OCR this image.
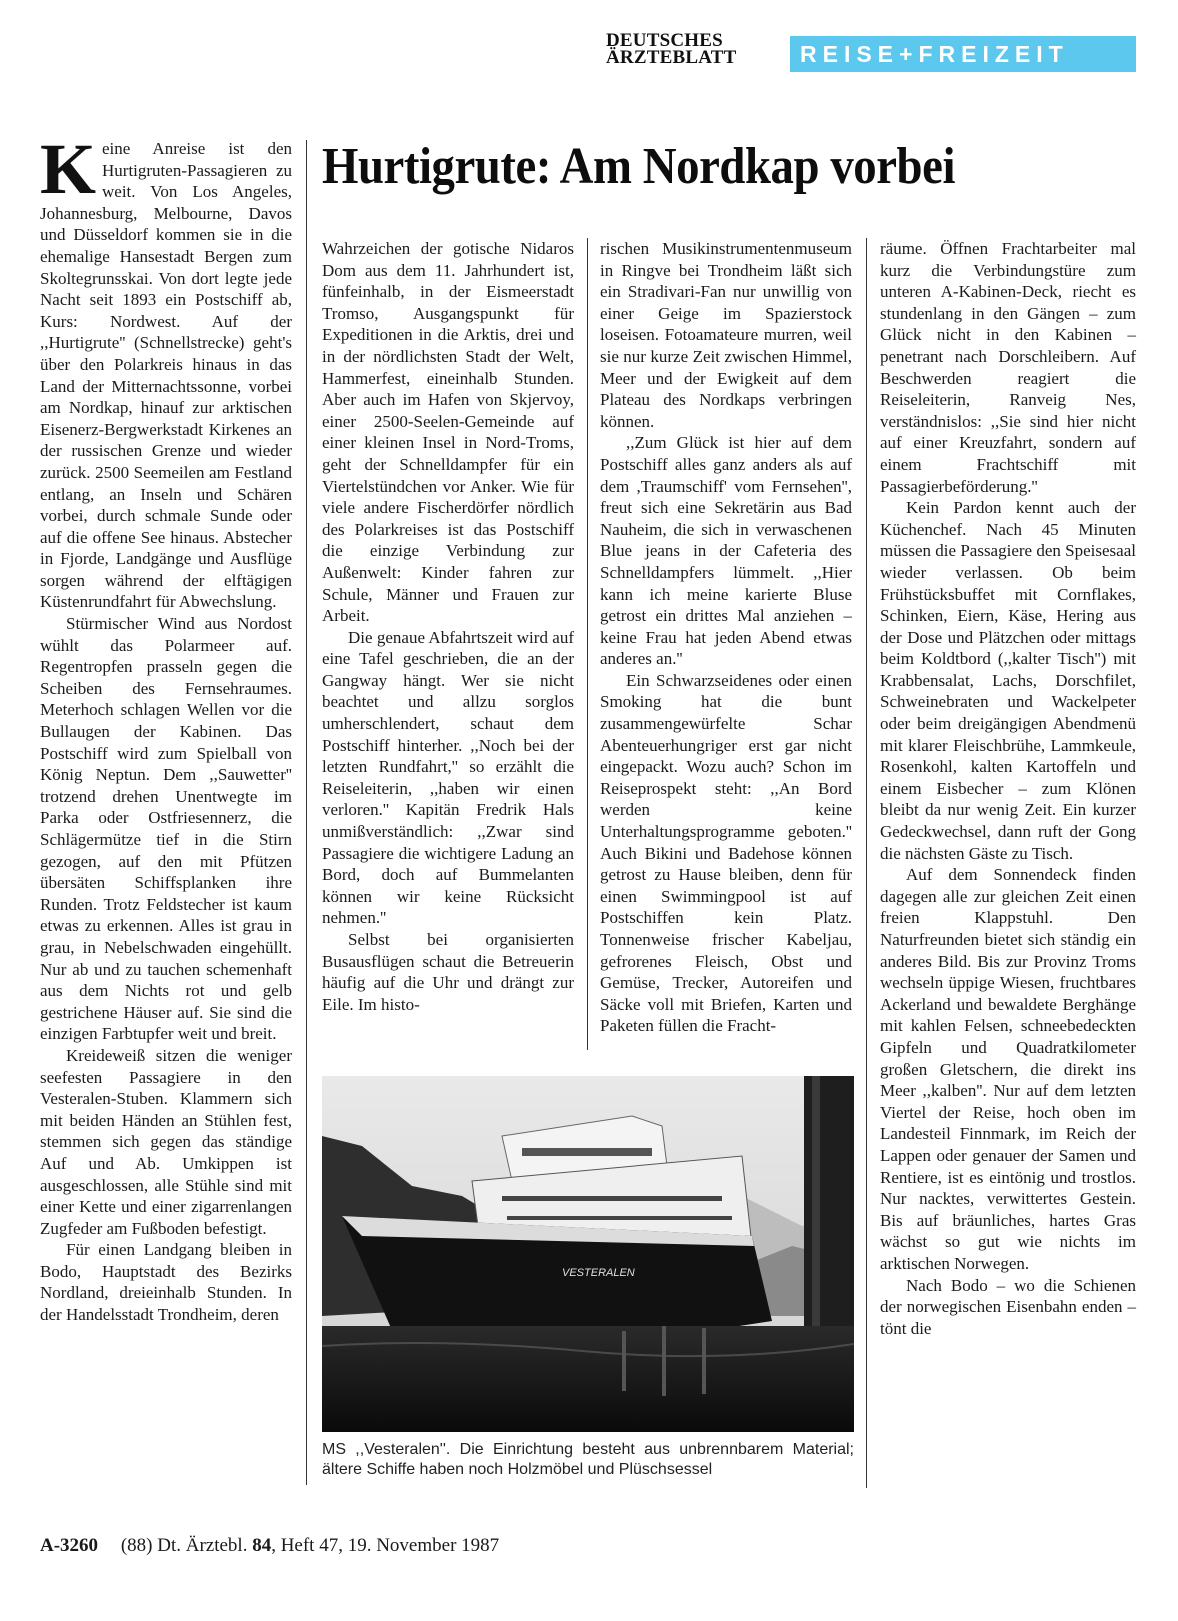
DEUTSCHES
ÄRZTEBLATT	REISE+FREIZEIT
Hurtigrute: Am Nordkap vorbei

Keine Anreise ist den Hurtigruten-Passagieren zu weit. Von Los Angeles, Johannesburg, Melbourne, Davos und Düsseldorf kommen sie in die ehemalige Hansestadt Bergen zum Skoltegrunsskai. Von dort legte jede Nacht seit 1893 ein Postschiff ab, Kurs: Nordwest. Auf der ,,Hurtigrute'' (Schnellstrecke) geht's über den Polarkreis hinaus in das Land der Mitternachtssonne, vorbei am Nordkap, hinauf zur arktischen Eisenerz-Bergwerkstadt Kirkenes an der russischen Grenze und wieder zurück. 2500 Seemeilen am Festland entlang, an Inseln und Schären vorbei, durch schmale Sunde oder auf die offene See hinaus. Abstecher in Fjorde, Landgänge und Ausflüge sorgen während der elftägigen Küstenrundfahrt für Abwechslung.

Stürmischer Wind aus Nordost wühlt das Polarmeer auf. Regentropfen prasseln gegen die Scheiben des Fernsehraumes. Meterhoch schlagen Wellen vor die Bullaugen der Kabinen. Das Postschiff wird zum Spielball von König Neptun. Dem ,,Sauwetter'' trotzend drehen Unentwegte im Parka oder Ostfriesennerz, die Schlägermütze tief in die Stirn gezogen, auf den mit Pfützen übersäten Schiffsplanken ihre Runden. Trotz Feldstecher ist kaum etwas zu erkennen. Alles ist grau in grau, in Nebelschwaden eingehüllt. Nur ab und zu tauchen schemenhaft aus dem Nichts rot und gelb gestrichene Häuser auf. Sie sind die einzigen Farbtupfer weit und breit.

Kreideweiß sitzen die weniger seefesten Passagiere in den Vesteralen-Stuben. Klammern sich mit beiden Händen an Stühlen fest, stemmen sich gegen das ständige Auf und Ab. Umkippen ist ausgeschlossen, alle Stühle sind mit einer Kette und einer zigarrenlangen Zugfeder am Fußboden befestigt.

Für einen Landgang bleiben in Bodo, Hauptstadt des Bezirks Nordland, dreieinhalb Stunden. In der Handelsstadt Trondheim, deren

Wahrzeichen der gotische Nidaros Dom aus dem 11. Jahrhundert ist, fünfeinhalb, in der Eismeerstadt Tromso, Ausgangspunkt für Expeditionen in die Arktis, drei und in der nördlichsten Stadt der Welt, Hammerfest, eineinhalb Stunden. Aber auch im Hafen von Skjervoy, einer 2500-Seelen-Gemeinde auf einer kleinen Insel in Nord-Troms, geht der Schnelldampfer für ein Viertelstündchen vor Anker. Wie für viele andere Fischerdörfer nördlich des Polarkreises ist das Postschiff die einzige Verbindung zur Außenwelt: Kinder fahren zur Schule, Männer und Frauen zur Arbeit.

Die genaue Abfahrtszeit wird auf eine Tafel geschrieben, die an der Gangway hängt. Wer sie nicht beachtet und allzu sorglos umherschlendert, schaut dem Postschiff hinterher. ,,Noch bei der letzten Rundfahrt,'' so erzählt die Reiseleiterin, ,,haben wir einen verloren.'' Kapitän Fredrik Hals unmißverständlich: ,,Zwar sind Passagiere die wichtigere Ladung an Bord, doch auf Bummelanten können wir keine Rücksicht nehmen.''

Selbst bei organisierten Busausflügen schaut die Betreuerin häufig auf die Uhr und drängt zur Eile. Im histo-

rischen Musikinstrumentenmuseum in Ringve bei Trondheim läßt sich ein Stradivari-Fan nur unwillig von einer Geige im Spazierstock loseisen. Fotoamateure murren, weil sie nur kurze Zeit zwischen Himmel, Meer und der Ewigkeit auf dem Plateau des Nordkaps verbringen können.

,,Zum Glück ist hier auf dem Postschiff alles ganz anders als auf dem ,Traumschiff' vom Fernsehen'', freut sich eine Sekretärin aus Bad Nauheim, die sich in verwaschenen Blue jeans in der Cafeteria des Schnelldampfers lümmelt. ,,Hier kann ich meine karierte Bluse getrost ein drittes Mal anziehen – keine Frau hat jeden Abend etwas anderes an.''

Ein Schwarzseidenes oder einen Smoking hat die bunt zusammengewürfelte Schar Abenteuerhungriger erst gar nicht eingepackt. Wozu auch? Schon im Reiseprospekt steht: ,,An Bord werden keine Unterhaltungsprogramme geboten.'' Auch Bikini und Badehose können getrost zu Hause bleiben, denn für einen Swimmingpool ist auf Postschiffen kein Platz. Tonnenweise frischer Kabeljau, gefrorenes Fleisch, Obst und Gemüse, Trecker, Autoreifen und Säcke voll mit Briefen, Karten und Paketen füllen die Fracht-

räume. Öffnen Frachtarbeiter mal kurz die Verbindungstüre zum unteren A-Kabinen-Deck, riecht es stundenlang in den Gängen – zum Glück nicht in den Kabinen – penetrant nach Dorschleibern. Auf Beschwerden reagiert die Reiseleiterin, Ranveig Nes, verständnislos: ,,Sie sind hier nicht auf einer Kreuzfahrt, sondern auf einem Frachtschiff mit Passagierbeförderung.''

Kein Pardon kennt auch der Küchenchef. Nach 45 Minuten müssen die Passagiere den Speisesaal wieder verlassen. Ob beim Frühstücksbuffet mit Cornflakes, Schinken, Eiern, Käse, Hering aus der Dose und Plätzchen oder mittags beim Koldtbord (,,kalter Tisch'') mit Krabbensalat, Lachs, Dorschfilet, Schweinebraten und Wackelpeter oder beim dreigängigen Abendmenü mit klarer Fleischbrühe, Lammkeule, Rosenkohl, kalten Kartoffeln und einem Eisbecher – zum Klönen bleibt da nur wenig Zeit. Ein kurzer Gedeckwechsel, dann ruft der Gong die nächsten Gäste zu Tisch.

Auf dem Sonnendeck finden dagegen alle zur gleichen Zeit einen freien Klappstuhl. Den Naturfreunden bietet sich ständig ein anderes Bild. Bis zur Provinz Troms wechseln üppige Wiesen, fruchtbares Ackerland und bewaldete Berghänge mit kahlen Felsen, schneebedeckten Gipfeln und Quadratkilometer großen Gletschern, die direkt ins Meer ,,kalben''. Nur auf dem letzten Viertel der Reise, hoch oben im Landesteil Finnmark, im Reich der Lappen oder genauer der Samen und Rentiere, ist es eintönig und trostlos. Nur nacktes, verwittertes Gestein. Bis auf bräunliches, hartes Gras wächst so gut wie nichts im arktischen Norwegen.

Nach Bodo – wo die Schienen der norwegischen Eisenbahn enden – tönt die

VESTERALEN
MS ,,Vesteralen''. Die Einrichtung besteht aus unbrennbarem Material; ältere Schiffe haben noch Holzmöbel und Plüschsessel
A-3260 (88) Dt. Ärztebl. 84, Heft 47, 19. November 1987
